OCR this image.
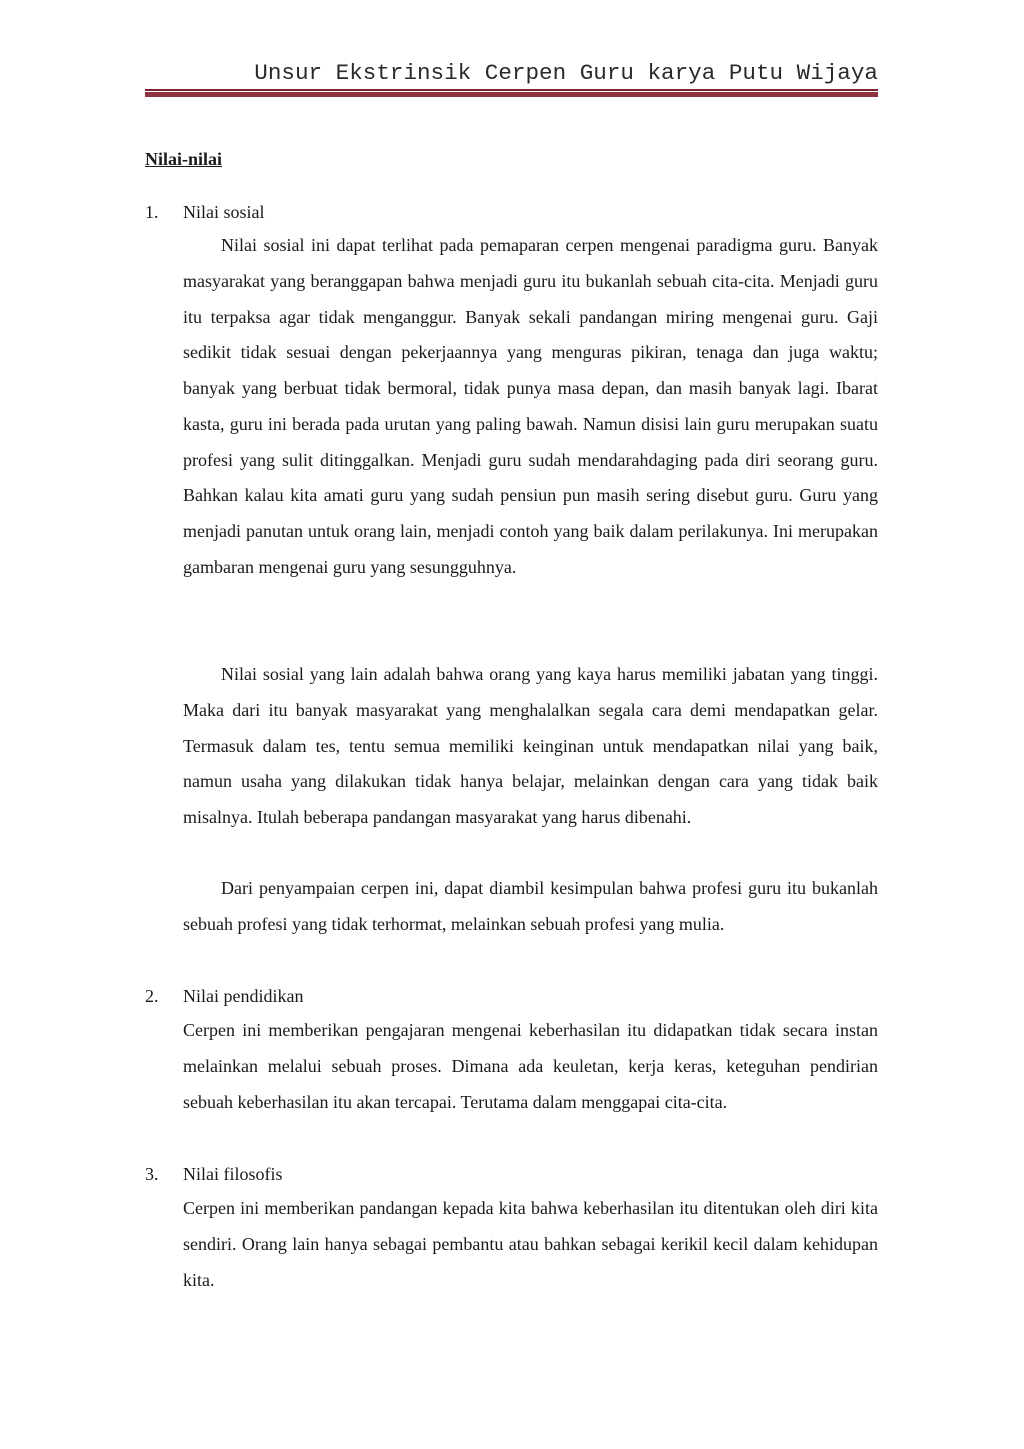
Unsur Ekstrinsik Cerpen Guru karya Putu Wijaya
Nilai-nilai
1. Nilai sosial

Nilai sosial ini dapat terlihat pada pemaparan cerpen mengenai paradigma guru. Banyak masyarakat yang beranggapan bahwa menjadi guru itu bukanlah sebuah cita-cita. Menjadi guru itu terpaksa agar tidak menganggur. Banyak sekali pandangan miring mengenai guru. Gaji sedikit tidak sesuai dengan pekerjaannya yang menguras pikiran, tenaga dan juga waktu; banyak yang berbuat tidak bermoral, tidak punya masa depan, dan masih banyak lagi. Ibarat kasta, guru ini berada pada urutan yang paling bawah. Namun disisi lain guru merupakan suatu profesi yang sulit ditinggalkan. Menjadi guru sudah mendarahdaging pada diri seorang guru. Bahkan kalau kita amati guru yang sudah pensiun pun masih sering disebut guru. Guru yang menjadi panutan untuk orang lain, menjadi contoh yang baik dalam perilakunya. Ini merupakan gambaran mengenai guru yang sesungguhnya.

Nilai sosial yang lain adalah bahwa orang yang kaya harus memiliki jabatan yang tinggi. Maka dari itu banyak masyarakat yang menghalalkan segala cara demi mendapatkan gelar. Termasuk dalam tes, tentu semua memiliki keinginan untuk mendapatkan nilai yang baik, namun usaha yang dilakukan tidak hanya belajar, melainkan dengan cara yang tidak baik misalnya. Itulah beberapa pandangan masyarakat yang harus dibenahi.

Dari penyampaian cerpen ini, dapat diambil kesimpulan bahwa profesi guru itu bukanlah sebuah profesi yang tidak terhormat, melainkan sebuah profesi yang mulia.

2. Nilai pendidikan

Cerpen ini memberikan pengajaran mengenai keberhasilan itu didapatkan tidak secara instan melainkan melalui sebuah proses. Dimana ada keuletan, kerja keras, keteguhan pendirian sebuah keberhasilan itu akan tercapai. Terutama dalam menggapai cita-cita.

3. Nilai filosofis

Cerpen ini memberikan pandangan kepada kita bahwa keberhasilan itu ditentukan oleh diri kita sendiri. Orang lain hanya sebagai pembantu atau bahkan sebagai kerikil kecil dalam kehidupan kita.
